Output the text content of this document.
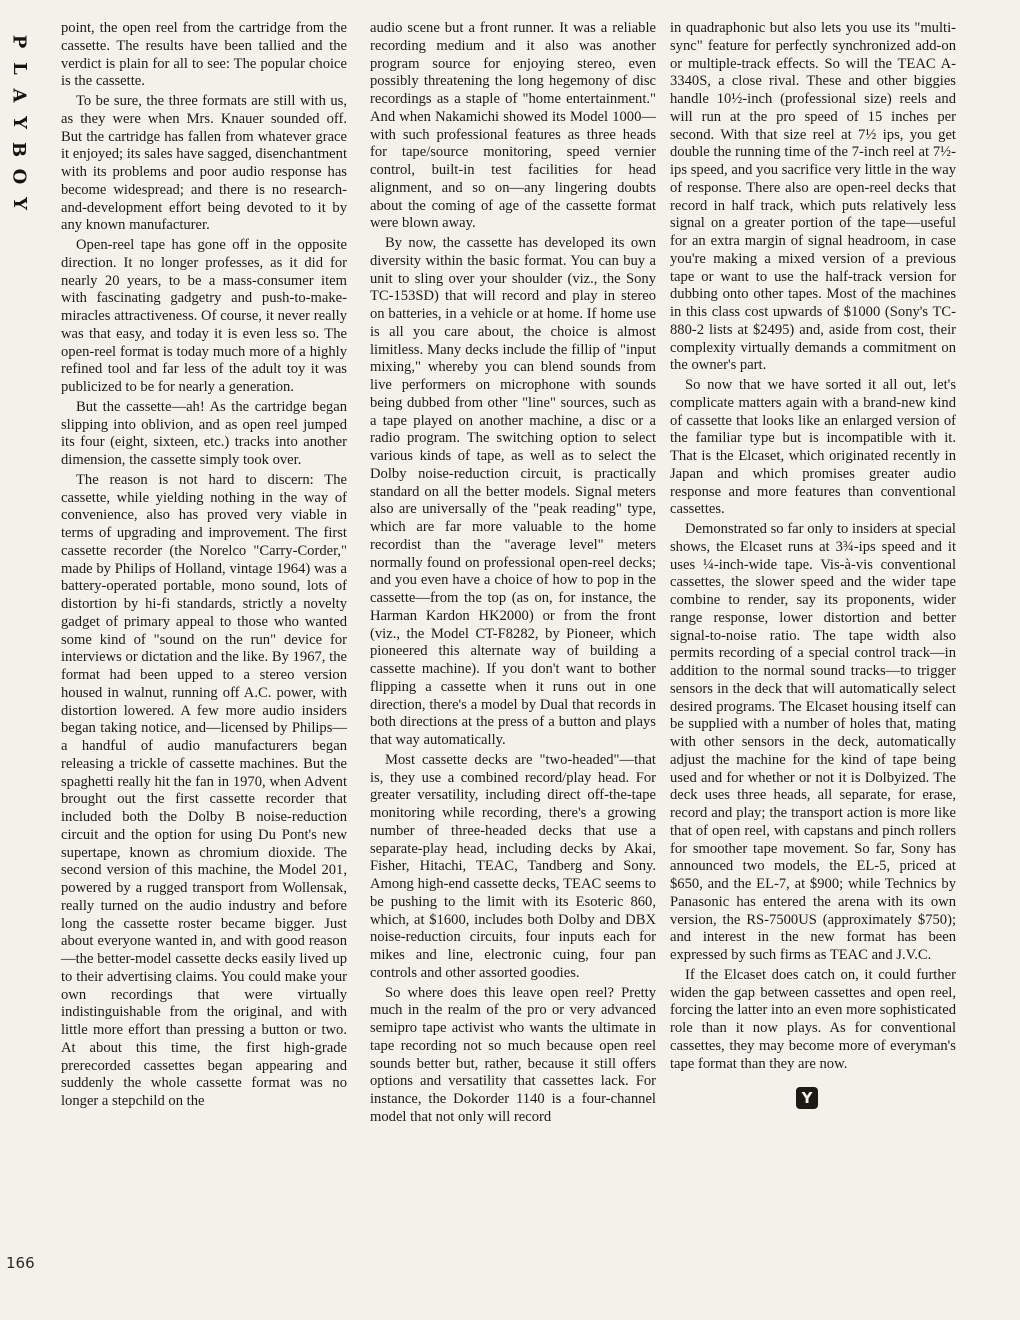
P
L
A
Y
B
O
Y
166

point, the open reel from the cartridge from the cassette. The results have been tallied and the verdict is plain for all to see: The popular choice is the cassette.

To be sure, the three formats are still with us, as they were when Mrs. Knauer sounded off. But the cartridge has fallen from whatever grace it enjoyed; its sales have sagged, disenchantment with its problems and poor audio response has become widespread; and there is no research-and-development effort being devoted to it by any known manufacturer.

Open-reel tape has gone off in the opposite direction. It no longer professes, as it did for nearly 20 years, to be a mass-consumer item with fascinating gadgetry and push-to-make-miracles attractiveness. Of course, it never really was that easy, and today it is even less so. The open-reel format is today much more of a highly refined tool and far less of the adult toy it was publicized to be for nearly a generation.

But the cassette—ah! As the cartridge began slipping into oblivion, and as open reel jumped its four (eight, sixteen, etc.) tracks into another dimension, the cassette simply took over.

The reason is not hard to discern: The cassette, while yielding nothing in the way of convenience, also has proved very viable in terms of upgrading and improvement. The first cassette recorder (the Norelco "Carry-Corder," made by Philips of Holland, vintage 1964) was a battery-operated portable, mono sound, lots of distortion by hi-fi standards, strictly a novelty gadget of primary appeal to those who wanted some kind of "sound on the run" device for interviews or dictation and the like. By 1967, the format had been upped to a stereo version housed in walnut, running off A.C. power, with distortion lowered. A few more audio insiders began taking notice, and—licensed by Philips—a handful of audio manufacturers began releasing a trickle of cassette machines. But the spaghetti really hit the fan in 1970, when Advent brought out the first cassette recorder that included both the Dolby B noise-reduction circuit and the option for using Du Pont's new supertape, known as chromium dioxide. The second version of this machine, the Model 201, powered by a rugged transport from Wollensak, really turned on the audio industry and before long the cassette roster became bigger. Just about everyone wanted in, and with good reason—the better-model cassette decks easily lived up to their advertising claims. You could make your own recordings that were virtually indistinguishable from the original, and with little more effort than pressing a button or two. At about this time, the first high-grade prerecorded cassettes began appearing and suddenly the whole cassette format was no longer a stepchild on the

audio scene but a front runner. It was a reliable recording medium and it also was another program source for enjoying stereo, even possibly threatening the long hegemony of disc recordings as a staple of "home entertainment." And when Nakamichi showed its Model 1000—with such professional features as three heads for tape/source monitoring, speed vernier control, built-in test facilities for head alignment, and so on—any lingering doubts about the coming of age of the cassette format were blown away.

By now, the cassette has developed its own diversity within the basic format. You can buy a unit to sling over your shoulder (viz., the Sony TC-153SD) that will record and play in stereo on batteries, in a vehicle or at home. If home use is all you care about, the choice is almost limitless. Many decks include the fillip of "input mixing," whereby you can blend sounds from live performers on microphone with sounds being dubbed from other "line" sources, such as a tape played on another machine, a disc or a radio program. The switching option to select various kinds of tape, as well as to select the Dolby noise-reduction circuit, is practically standard on all the better models. Signal meters also are universally of the "peak reading" type, which are far more valuable to the home recordist than the "average level" meters normally found on professional open-reel decks; and you even have a choice of how to pop in the cassette—from the top (as on, for instance, the Harman Kardon HK2000) or from the front (viz., the Model CT-F8282, by Pioneer, which pioneered this alternate way of building a cassette machine). If you don't want to bother flipping a cassette when it runs out in one direction, there's a model by Dual that records in both directions at the press of a button and plays that way automatically.

Most cassette decks are "two-headed"—that is, they use a combined record/play head. For greater versatility, including direct off-the-tape monitoring while recording, there's a growing number of three-headed decks that use a separate-play head, including decks by Akai, Fisher, Hitachi, TEAC, Tandberg and Sony. Among high-end cassette decks, TEAC seems to be pushing to the limit with its Esoteric 860, which, at $1600, includes both Dolby and DBX noise-reduction circuits, four inputs each for mikes and line, electronic cuing, four pan controls and other assorted goodies.

So where does this leave open reel? Pretty much in the realm of the pro or very advanced semipro tape activist who wants the ultimate in tape recording not so much because open reel sounds better but, rather, because it still offers options and versatility that cassettes lack. For instance, the Dokorder 1140 is a four-channel model that not only will record

in quadraphonic but also lets you use its "multi-sync" feature for perfectly synchronized add-on or multiple-track effects. So will the TEAC A-3340S, a close rival. These and other biggies handle 10½-inch (professional size) reels and will run at the pro speed of 15 inches per second. With that size reel at 7½ ips, you get double the running time of the 7-inch reel at 7½-ips speed, and you sacrifice very little in the way of response. There also are open-reel decks that record in half track, which puts relatively less signal on a greater portion of the tape—useful for an extra margin of signal headroom, in case you're making a mixed version of a previous tape or want to use the half-track version for dubbing onto other tapes. Most of the machines in this class cost upwards of $1000 (Sony's TC-880-2 lists at $2495) and, aside from cost, their complexity virtually demands a commitment on the owner's part.

So now that we have sorted it all out, let's complicate matters again with a brand-new kind of cassette that looks like an enlarged version of the familiar type but is incompatible with it. That is the Elcaset, which originated recently in Japan and which promises greater audio response and more features than conventional cassettes.

Demonstrated so far only to insiders at special shows, the Elcaset runs at 3¾-ips speed and it uses ¼-inch-wide tape. Vis-à-vis conventional cassettes, the slower speed and the wider tape combine to render, say its proponents, wider range response, lower distortion and better signal-to-noise ratio. The tape width also permits recording of a special control track—in addition to the normal sound tracks—to trigger sensors in the deck that will automatically select desired programs. The Elcaset housing itself can be supplied with a number of holes that, mating with other sensors in the deck, automatically adjust the machine for the kind of tape being used and for whether or not it is Dolbyized. The deck uses three heads, all separate, for erase, record and play; the transport action is more like that of open reel, with capstans and pinch rollers for smoother tape movement. So far, Sony has announced two models, the EL-5, priced at $650, and the EL-7, at $900; while Technics by Panasonic has entered the arena with its own version, the RS-7500US (approximately $750); and interest in the new format has been expressed by such firms as TEAC and J.V.C.

If the Elcaset does catch on, it could further widen the gap between cassettes and open reel, forcing the latter into an even more sophisticated role than it now plays. As for conventional cassettes, they may become more of everyman's tape format than they are now.

Y
